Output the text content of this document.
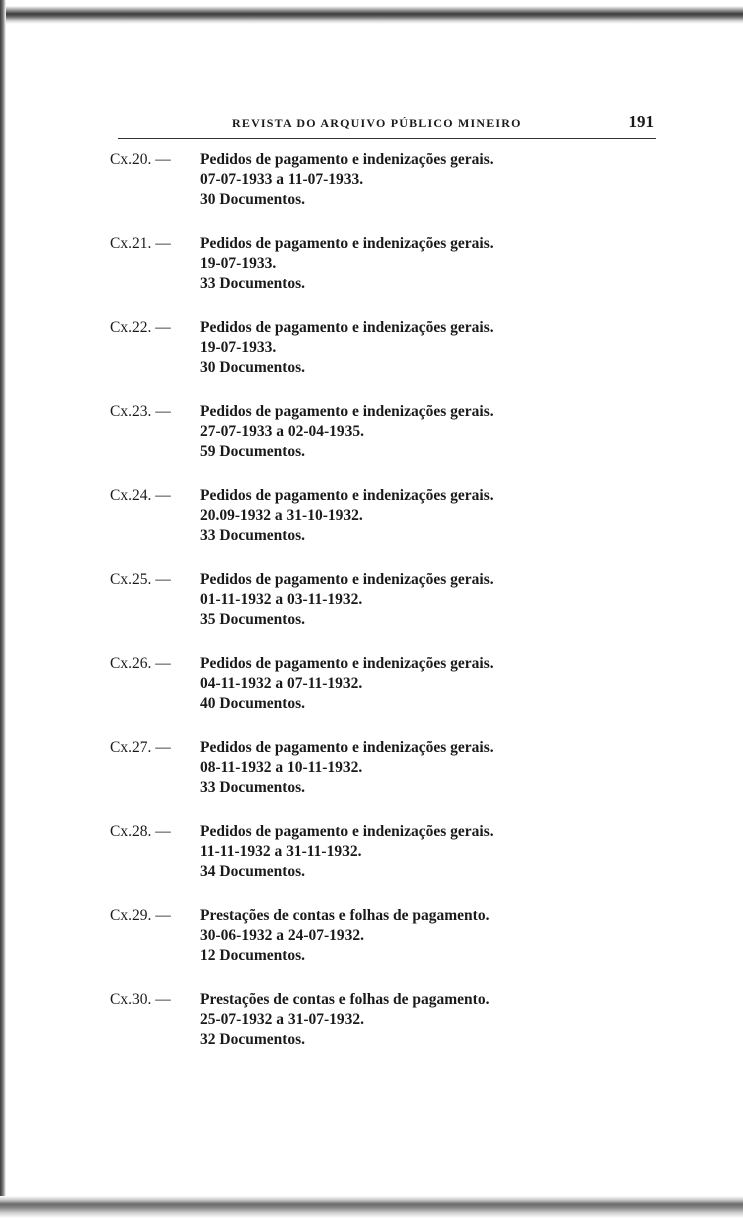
REVISTA DO ARQUIVO PÚBLICO MINEIRO	191
Cx.20. —	Pedidos de pagamento e indenizações gerais.
07-07-1933 a 11-07-1933.
30 Documentos.
Cx.21. —	Pedidos de pagamento e indenizações gerais.
19-07-1933.
33 Documentos.
Cx.22. —	Pedidos de pagamento e indenizações gerais.
19-07-1933.
30 Documentos.
Cx.23. —	Pedidos de pagamento e indenizações gerais.
27-07-1933 a 02-04-1935.
59 Documentos.
Cx.24. —	Pedidos de pagamento e indenizações gerais.
20.09-1932 a 31-10-1932.
33 Documentos.
Cx.25. —	Pedidos de pagamento e indenizações gerais.
01-11-1932 a 03-11-1932.
35 Documentos.
Cx.26. —	Pedidos de pagamento e indenizações gerais.
04-11-1932 a 07-11-1932.
40 Documentos.
Cx.27. —	Pedidos de pagamento e indenizações gerais.
08-11-1932 a 10-11-1932.
33 Documentos.
Cx.28. —	Pedidos de pagamento e indenizações gerais.
11-11-1932 a 31-11-1932.
34 Documentos.
Cx.29. —	Prestações de contas e folhas de pagamento.
30-06-1932 a 24-07-1932.
12 Documentos.
Cx.30. —	Prestações de contas e folhas de pagamento.
25-07-1932 a 31-07-1932.
32 Documentos.
